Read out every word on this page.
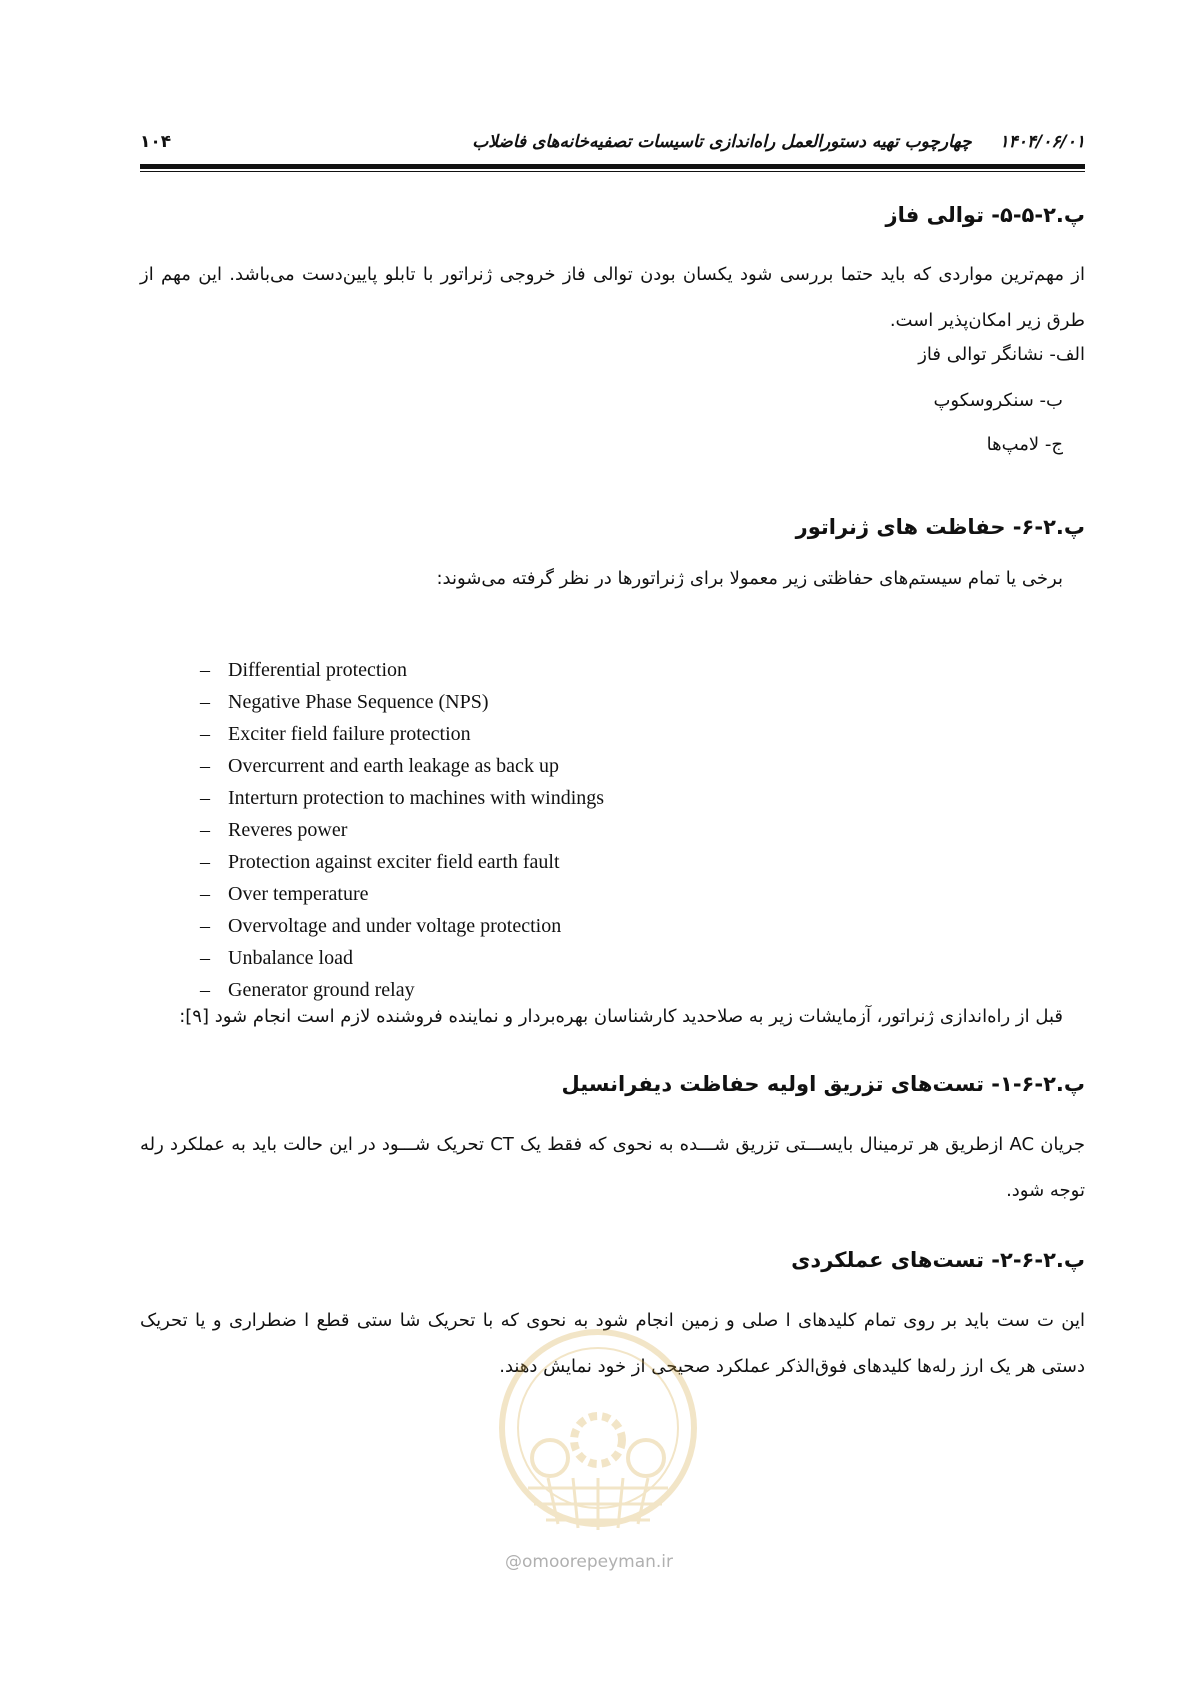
۱۰۴	۱۴۰۴/۰۶/۰۱ چهارچوب تهیه دستورالعمل راه‌اندازی تاسیسات تصفیه‌خانه‌های فاضلاب
پ.۲-۵-۵- توالی فاز
از مهم‌ترین مواردی که باید حتما بررسی شود یکسان بودن توالی فاز خروجی ژنراتور با تابلو پایین‌دست می‌باشد. این مهم از طرق زیر امکان‌پذیر است.
الف- نشانگر توالی فاز
ب- سنکروسکوپ
ج- لامپ‌ها
پ.۲-۶- حفاظت های ژنراتور
برخی یا تمام سیستم‌های حفاظتی زیر معمولا برای ژنراتورها در نظر گرفته می‌شوند:
– Differential protection
– Negative Phase Sequence (NPS)
– Exciter field failure protection
– Overcurrent and earth leakage as back up
– Interturn protection to machines with windings
– Reveres power
– Protection against exciter field earth fault
– Over temperature
– Overvoltage and under voltage protection
– Unbalance load
– Generator ground relay
قبل از راه‌اندازی ژنراتور، آزمایشات زیر به صلاحدید کارشناسان بهره‌بردار و نماینده فروشنده لازم است انجام شود [۹]:
پ.۲-۶-۱- تست‌های تزریق اولیه حفاظت دیفرانسیل
جریان AC ازطریق هر ترمینال بایســـتی تزریق شـــده به نحوی که فقط یک CT تحریک شـــود در این حالت باید به عملکرد رله توجه شود.
پ.۲-۶-۲- تست‌های عملکردی
این ت ست باید بر روی تمام کلیدهای ا صلی و زمین انجام شود به نحوی که با تحریک شا ستی قطع ا ضطراری و یا تحریک دستی هر یک ارز رله‌ها کلیدهای فوق‌الذکر عملکرد صحیحی از خود نمایش دهند.
@omoorepeyman.ir
